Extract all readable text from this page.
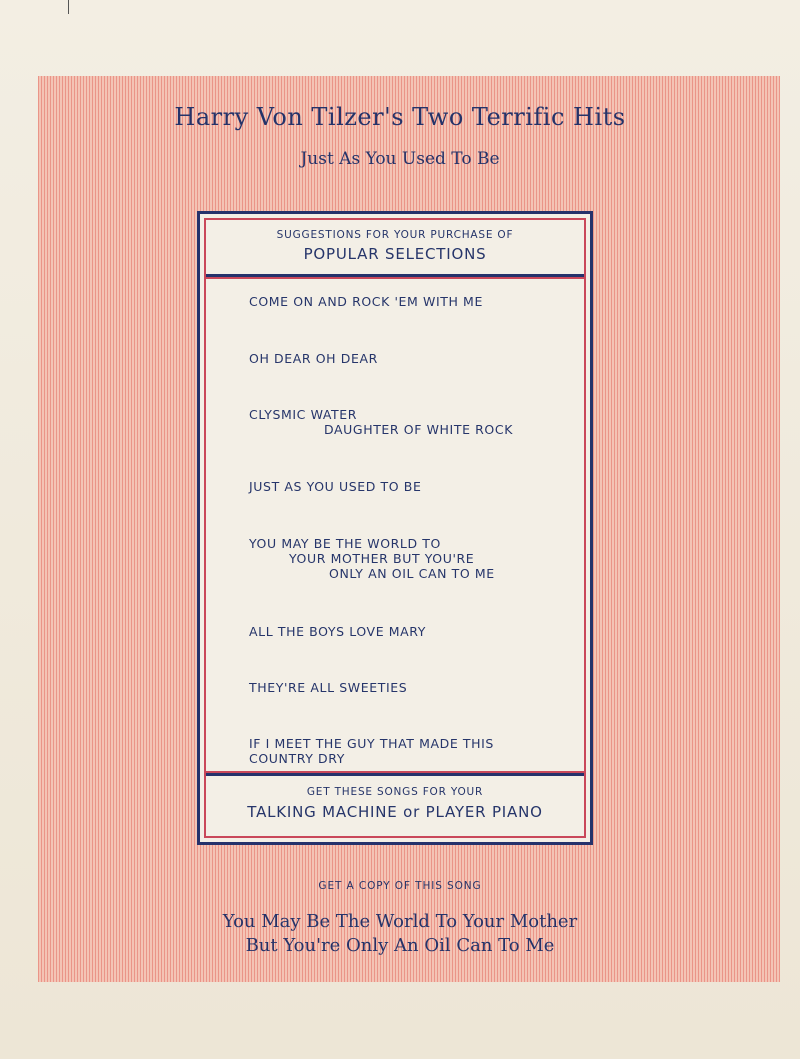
Harry Von Tilzer's Two Terrific Hits
Just As You Used To Be
SUGGESTIONS FOR YOUR PURCHASE OF
POPULAR SELECTIONS
COME ON AND ROCK 'EM WITH ME
OH DEAR OH DEAR
CLYSMIC WATER
DAUGHTER OF WHITE ROCK
JUST AS YOU USED TO BE
YOU MAY BE THE WORLD TO
YOUR MOTHER BUT YOU'RE
ONLY AN OIL CAN TO ME
ALL THE BOYS LOVE MARY
THEY'RE ALL SWEETIES
IF I MEET THE GUY THAT MADE THIS
COUNTRY DRY
GET THESE SONGS FOR YOUR
TALKING MACHINE or PLAYER PIANO
GET A COPY OF THIS SONG
You May Be The World To Your Mother
But You're Only An Oil Can To Me
